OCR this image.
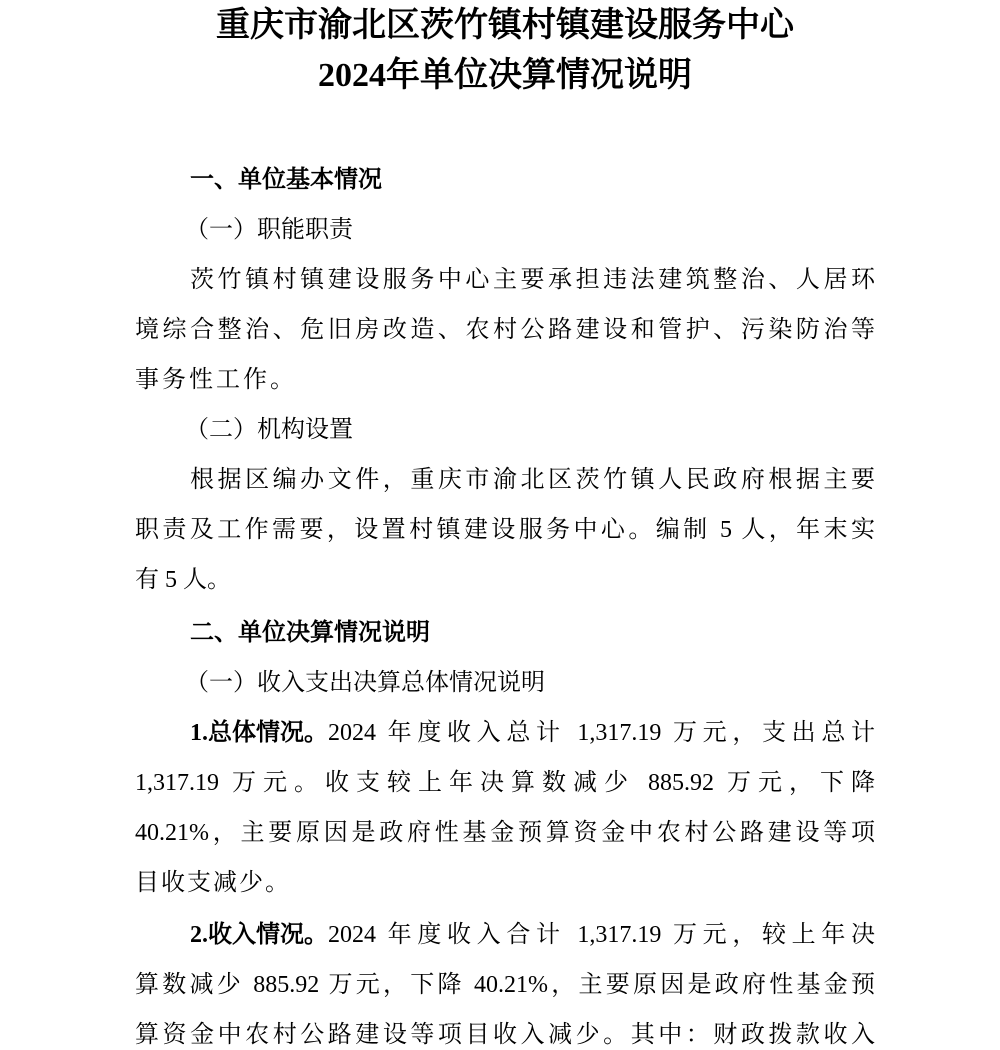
重庆市渝北区茨竹镇村镇建设服务中心
2024年单位决算情况说明
一、单位基本情况
（一）职能职责
茨竹镇村镇建设服务中心主要承担违法建筑整治、人居环
境综合整治、危旧房改造、农村公路建设和管护、污染防治等
事务性工作。
（二）机构设置
根据区编办文件，重庆市渝北区茨竹镇人民政府根据主要
职责及工作需要，设置村镇建设服务中心。编制 5 人，年末实
有 5 人。
二、单位决算情况说明
（一）收入支出决算总体情况说明
1.总体情况。 2024 年度收入总计 1,317.19 万元，支出总计
1,317.19 万元。收支较上年决算数减少 885.92 万元，下降
40.21%，主要原因是政府性基金预算资金中农村公路建设等项
目收支减少。
2.收入情况。 2024 年度收入合计 1,317.19 万元，较上年决
算数减少 885.92 万元，下降 40.21%，主要原因是政府性基金预
算资金中农村公路建设等项目收入减少。其中：财政拨款收入
